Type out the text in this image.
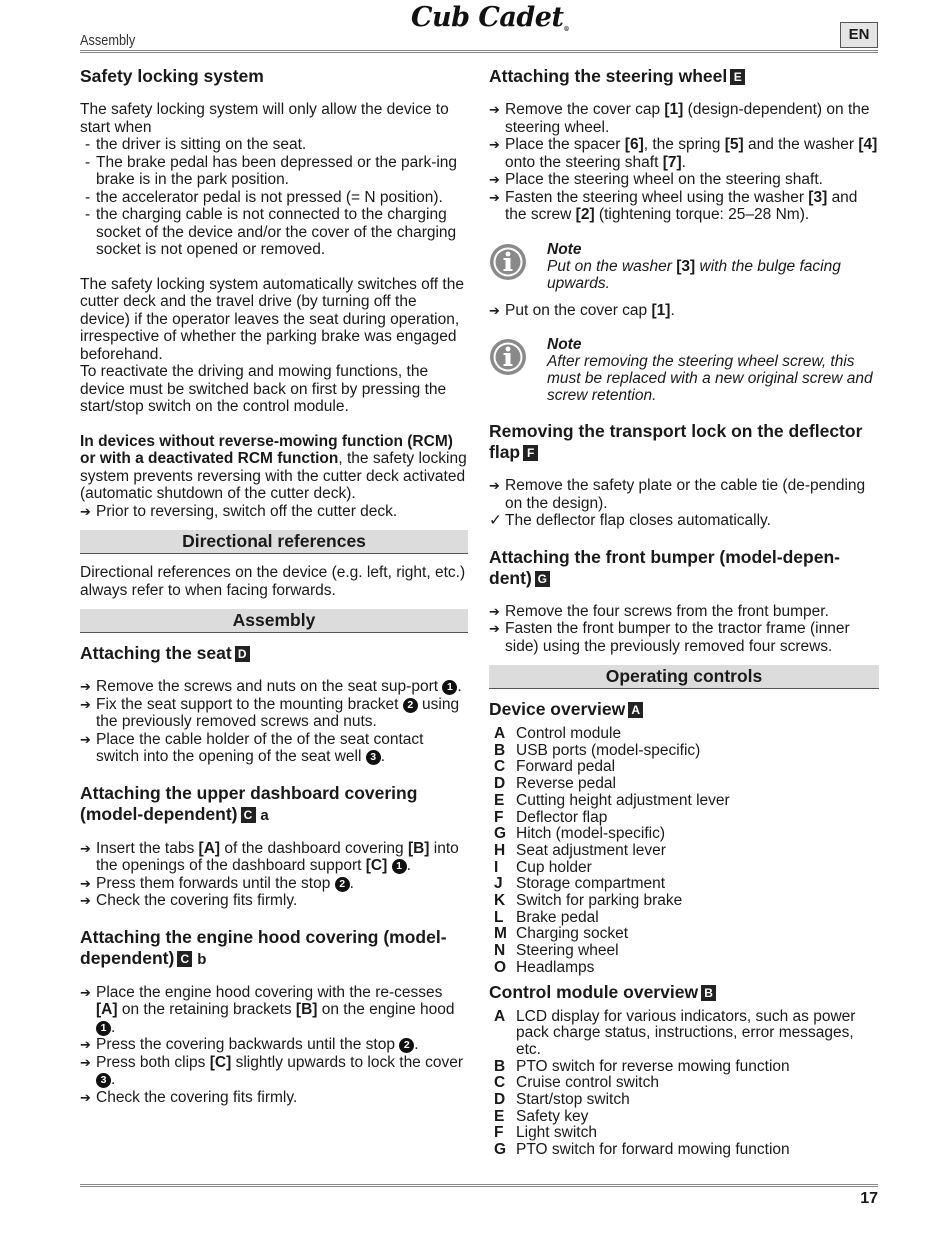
Cub Cadet®
Assembly	EN
Safety locking system

The safety locking system will only allow the device to start when

- the driver is sitting on the seat.
- The brake pedal has been depressed or the park-ing brake is in the park position.
- the accelerator pedal is not pressed (= N position).
- the charging cable is not connected to the charging socket of the device and/or the cover of the charging socket is not opened or removed.

The safety locking system automatically switches off the cutter deck and the travel drive (by turning off the device) if the operator leaves the seat during operation, irrespective of whether the parking brake was engaged beforehand.

To reactivate the driving and mowing functions, the device must be switched back on first by pressing the start/stop switch on the control module.

In devices without reverse-mowing function (RCM) or with a deactivated RCM function, the safety locking system prevents reversing with the cutter deck activated (automatic shutdown of the cutter deck).

➔ Prior to reversing, switch off the cutter deck.
Directional references

Directional references on the device (e.g. left, right, etc.) always refer to when facing forwards.

Assembly
Attaching the seat D
➔ Remove the screws and nuts on the seat sup-port 1 .
➔ Fix the seat support to the mounting bracket 2 using the previously removed screws and nuts.
➔ Place the cable holder of the of the seat contact switch into the opening of the seat well 3 .
Attaching the upper dashboard covering (model-dependent) C a
➔ Insert the tabs [A] of the dashboard covering [B] into the openings of the dashboard support [C] 1 .
➔ Press them forwards until the stop 2 .
➔ Check the covering fits firmly.
Attaching the engine hood covering (model-dependent) C b
➔ Place the engine hood covering with the re-cesses [A] on the retaining brackets [B] on the engine hood 1 .
➔ Press the covering backwards until the stop 2 .
➔ Press both clips [C] slightly upwards to lock the cover 3 .
➔ Check the covering fits firmly.
Attaching the steering wheel E
➔ Remove the cover cap [1] (design-dependent) on the steering wheel.
➔ Place the spacer [6], the spring [5] and the washer [4] onto the steering shaft [7].
➔ Place the steering wheel on the steering shaft.
➔ Fasten the steering wheel using the washer [3] and the screw [2] (tightening torque: 25–28 Nm).
Note
Put on the washer [3] with the bulge facing upwards.
➔ Put on the cover cap [1].
Note
After removing the steering wheel screw, this must be replaced with a new original screw and screw retention.
Removing the transport lock on the deflector flap F
➔ Remove the safety plate or the cable tie (de-pending on the design).
✓ The deflector flap closes automatically.
Attaching the front bumper (model-depen-dent) G
➔ Remove the four screws from the front bumper.
➔ Fasten the front bumper to the tractor frame (inner side) using the previously removed four screws.
Operating controls
Device overview A
A Control module
B USB ports (model-specific)
C Forward pedal
D Reverse pedal
E Cutting height adjustment lever
F Deflector flap
G Hitch (model-specific)
H Seat adjustment lever
I Cup holder
J Storage compartment
K Switch for parking brake
L Brake pedal
M Charging socket
N Steering wheel
O Headlamps
Control module overview B
A LCD display for various indicators, such as power pack charge status, instructions, error messages, etc.
B PTO switch for reverse mowing function
C Cruise control switch
D Start/stop switch
E Safety key
F Light switch
G PTO switch for forward mowing function
17
